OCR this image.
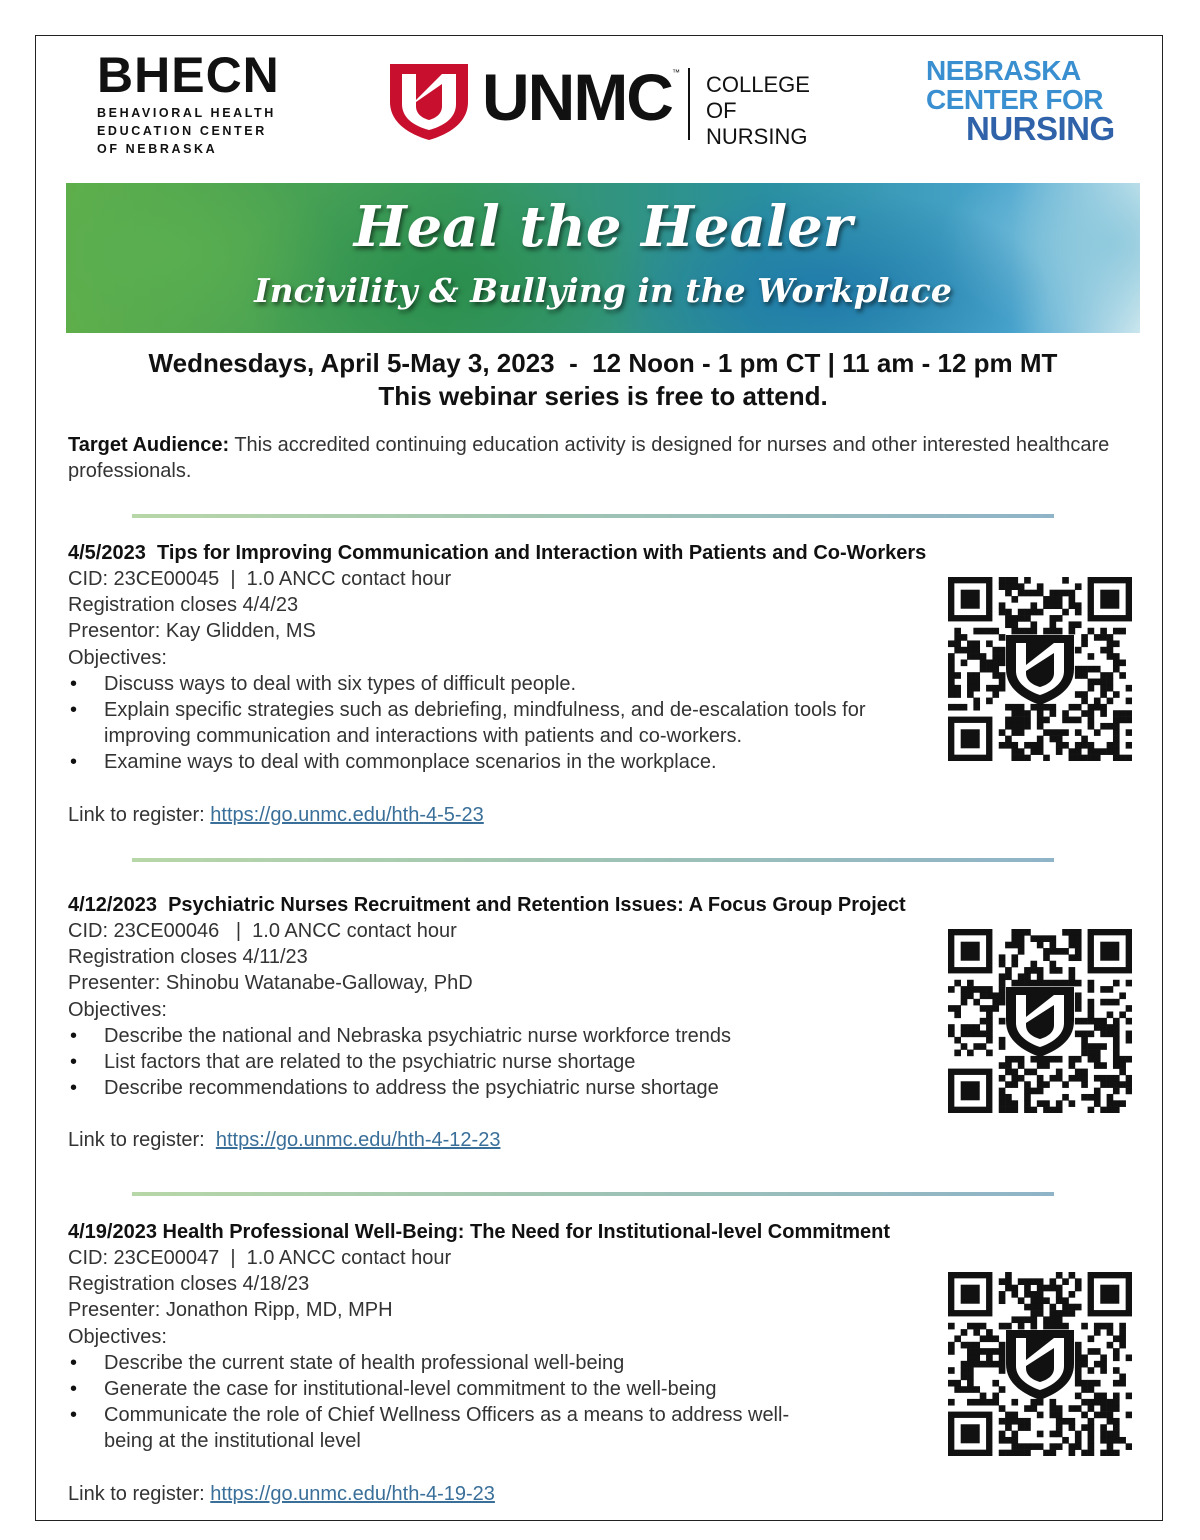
BHECN
BEHAVIORAL HEALTH
EDUCATION CENTER
OF NEBRASKA
UNMC ™ COLLEGE
OF NURSING
NEBRASKA
CENTER FOR
NURSING
Heal the Healer
Incivility & Bullying in the Workplace
Wednesdays, April 5-May 3, 2023  -  12 Noon - 1 pm CT | 11 am - 12 pm MT
This webinar series is free to attend.
Target Audience: This accredited continuing education activity is designed for nurses and other interested healthcare professionals.
4/5/2023  Tips for Improving Communication and Interaction with Patients and Co-Workers
CID: 23CE00045  |  1.0 ANCC contact hour
Registration closes 4/4/23
Presentor: Kay Glidden, MS
Objectives:
• Discuss ways to deal with six types of difficult people.
• Explain specific strategies such as debriefing, mindfulness, and de-escalation tools for improving communication and interactions with patients and co-workers.
• Examine ways to deal with commonplace scenarios in the workplace.
Link to register: https://go.unmc.edu/hth-4-5-23
4/12/2023  Psychiatric Nurses Recruitment and Retention Issues: A Focus Group Project
CID: 23CE00046   |  1.0 ANCC contact hour
Registration closes 4/11/23
Presenter: Shinobu Watanabe-Galloway, PhD
Objectives:
• Describe the national and Nebraska psychiatric nurse workforce trends
• List factors that are related to the psychiatric nurse shortage
• Describe recommendations to address the psychiatric nurse shortage
Link to register:  https://go.unmc.edu/hth-4-12-23
4/19/2023 Health Professional Well-Being: The Need for Institutional-level Commitment
CID: 23CE00047  |  1.0 ANCC contact hour
Registration closes 4/18/23
Presenter: Jonathon Ripp, MD, MPH
Objectives:
• Describe the current state of health professional well-being
• Generate the case for institutional-level commitment to the well-being
• Communicate the role of Chief Wellness Officers as a means to address well-being at the institutional level
Link to register: https://go.unmc.edu/hth-4-19-23
